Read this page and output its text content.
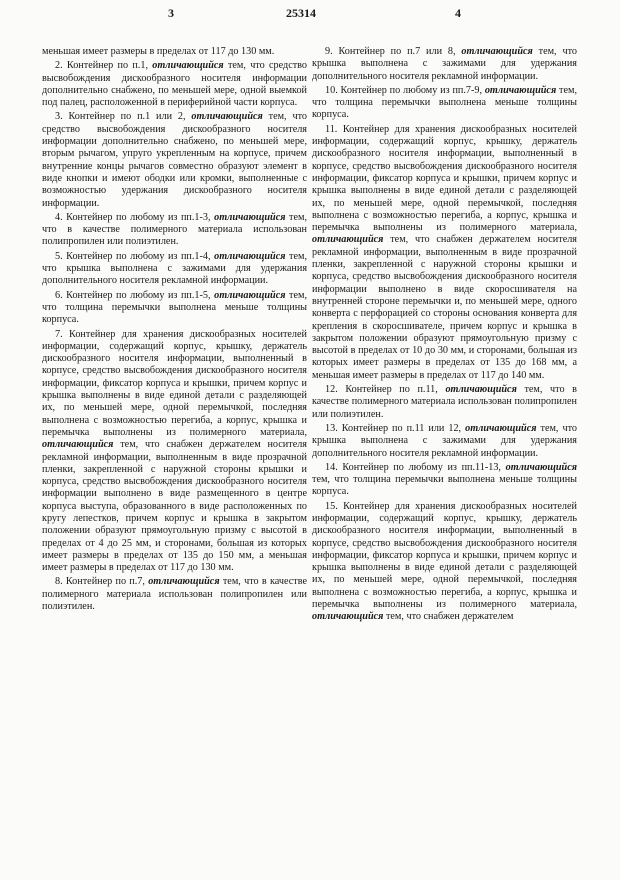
3	25314	4

меньшая имеет размеры в пределах от 117 до 130 мм.

2. Контейнер по п.1, отличающийся тем, что средство высвобождения дискообразного носителя информации дополнительно снабжено, по меньшей мере, одной выемкой под палец, расположенной в периферийной части корпуса.

3. Контейнер по п.1 или 2, отличающийся тем, что средство высвобождения дискообразного носителя информации дополнительно снабжено, по меньшей мере, вторым рычагом, упруго укрепленным на корпусе, причем внутренние концы рычагов совместно образуют элемент в виде кнопки и имеют ободки или кромки, выполненные с возможностью удержания дискообразного носителя информации.

4. Контейнер по любому из пп.1-3, отличающийся тем, что в качестве полимерного материала использован полипропилен или полиэтилен.

5. Контейнер по любому из пп.1-4, отличающийся тем, что крышка выполнена с зажимами для удержания дополнительного носителя рекламной информации.

6. Контейнер по любому из пп.1-5, отличающийся тем, что толщина перемычки выполнена меньше толщины корпуса.

7. Контейнер для хранения дискообразных носителей информации, содержащий корпус, крышку, держатель дискообразного носителя информации, выполненный в корпусе, средство высвобождения дискообразного носителя информации, фиксатор корпуса и крышки, причем корпус и крышка выполнены в виде единой детали с разделяющей их, по меньшей мере, одной перемычкой, последняя выполнена с возможностью перегиба, а корпус, крышка и перемычка выполнены из полимерного материала, отличающийся тем, что снабжен держателем носителя рекламной информации, выполненным в виде прозрачной пленки, закрепленной с наружной стороны крышки и корпуса, средство высвобождения дискообразного носителя информации выполнено в виде размещенного в центре корпуса выступа, образованного в виде расположенных по кругу лепестков, причем корпус и крышка в закрытом положении образуют прямоугольную призму с высотой в пределах от 4 до 25 мм, и сторонами, большая из которых имеет размеры в пределах от 135 до 150 мм, а меньшая имеет размеры в пределах от 117 до 130 мм.

8. Контейнер по п.7, отличающийся тем, что в качестве полимерного материала использован полипропилен или полиэтилен.

9. Контейнер по п.7 или 8, отличающийся тем, что крышка выполнена с зажимами для удержания дополнительного носителя рекламной информации.

10. Контейнер по любому из пп.7-9, отличающийся тем, что толщина перемычки выполнена меньше толщины корпуса.

11. Контейнер для хранения дискообразных носителей информации, содержащий корпус, крышку, держатель дискообразного носителя информации, выполненный в корпусе, средство высвобождения дискообразного носителя информации, фиксатор корпуса и крышки, причем корпус и крышка выполнены в виде единой детали с разделяющей их, по меньшей мере, одной перемычкой, последняя выполнена с возможностью перегиба, а корпус, крышка и перемычка выполнены из полимерного материала, отличающийся тем, что снабжен держателем носителя рекламной информации, выполненным в виде прозрачной пленки, закрепленной с наружной стороны крышки и корпуса, средство высвобождения дискообразного носителя информации выполнено в виде скоросшивателя на внутренней стороне перемычки и, по меньшей мере, одного конверта с перфорацией со стороны основания конверта для крепления в скоросшивателе, причем корпус и крышка в закрытом положении образуют прямоугольную призму с высотой в пределах от 10 до 30 мм, и сторонами, большая из которых имеет размеры в пределах от 135 до 168 мм, а меньшая имеет размеры в пределах от 117 до 140 мм.

12. Контейнер по п.11, отличающийся тем, что в качестве полимерного материала использован полипропилен или полиэтилен.

13. Контейнер по п.11 или 12, отличающийся тем, что крышка выполнена с зажимами для удержания дополнительного носителя рекламной информации.

14. Контейнер по любому из пп.11-13, отличающийся тем, что толщина перемычки выполнена меньше толщины корпуса.

15. Контейнер для хранения дискообразных носителей информации, содержащий корпус, крышку, держатель дискообразного носителя информации, выполненный в корпусе, средство высвобождения дискообразного носителя информации, фиксатор корпуса и крышки, причем корпус и крышка выполнены в виде единой детали с разделяющей их, по меньшей мере, одной перемычкой, последняя выполнена с возможностью перегиба, а корпус, крышка и перемычка выполнены из полимерного материала, отличающийся тем, что снабжен держателем
